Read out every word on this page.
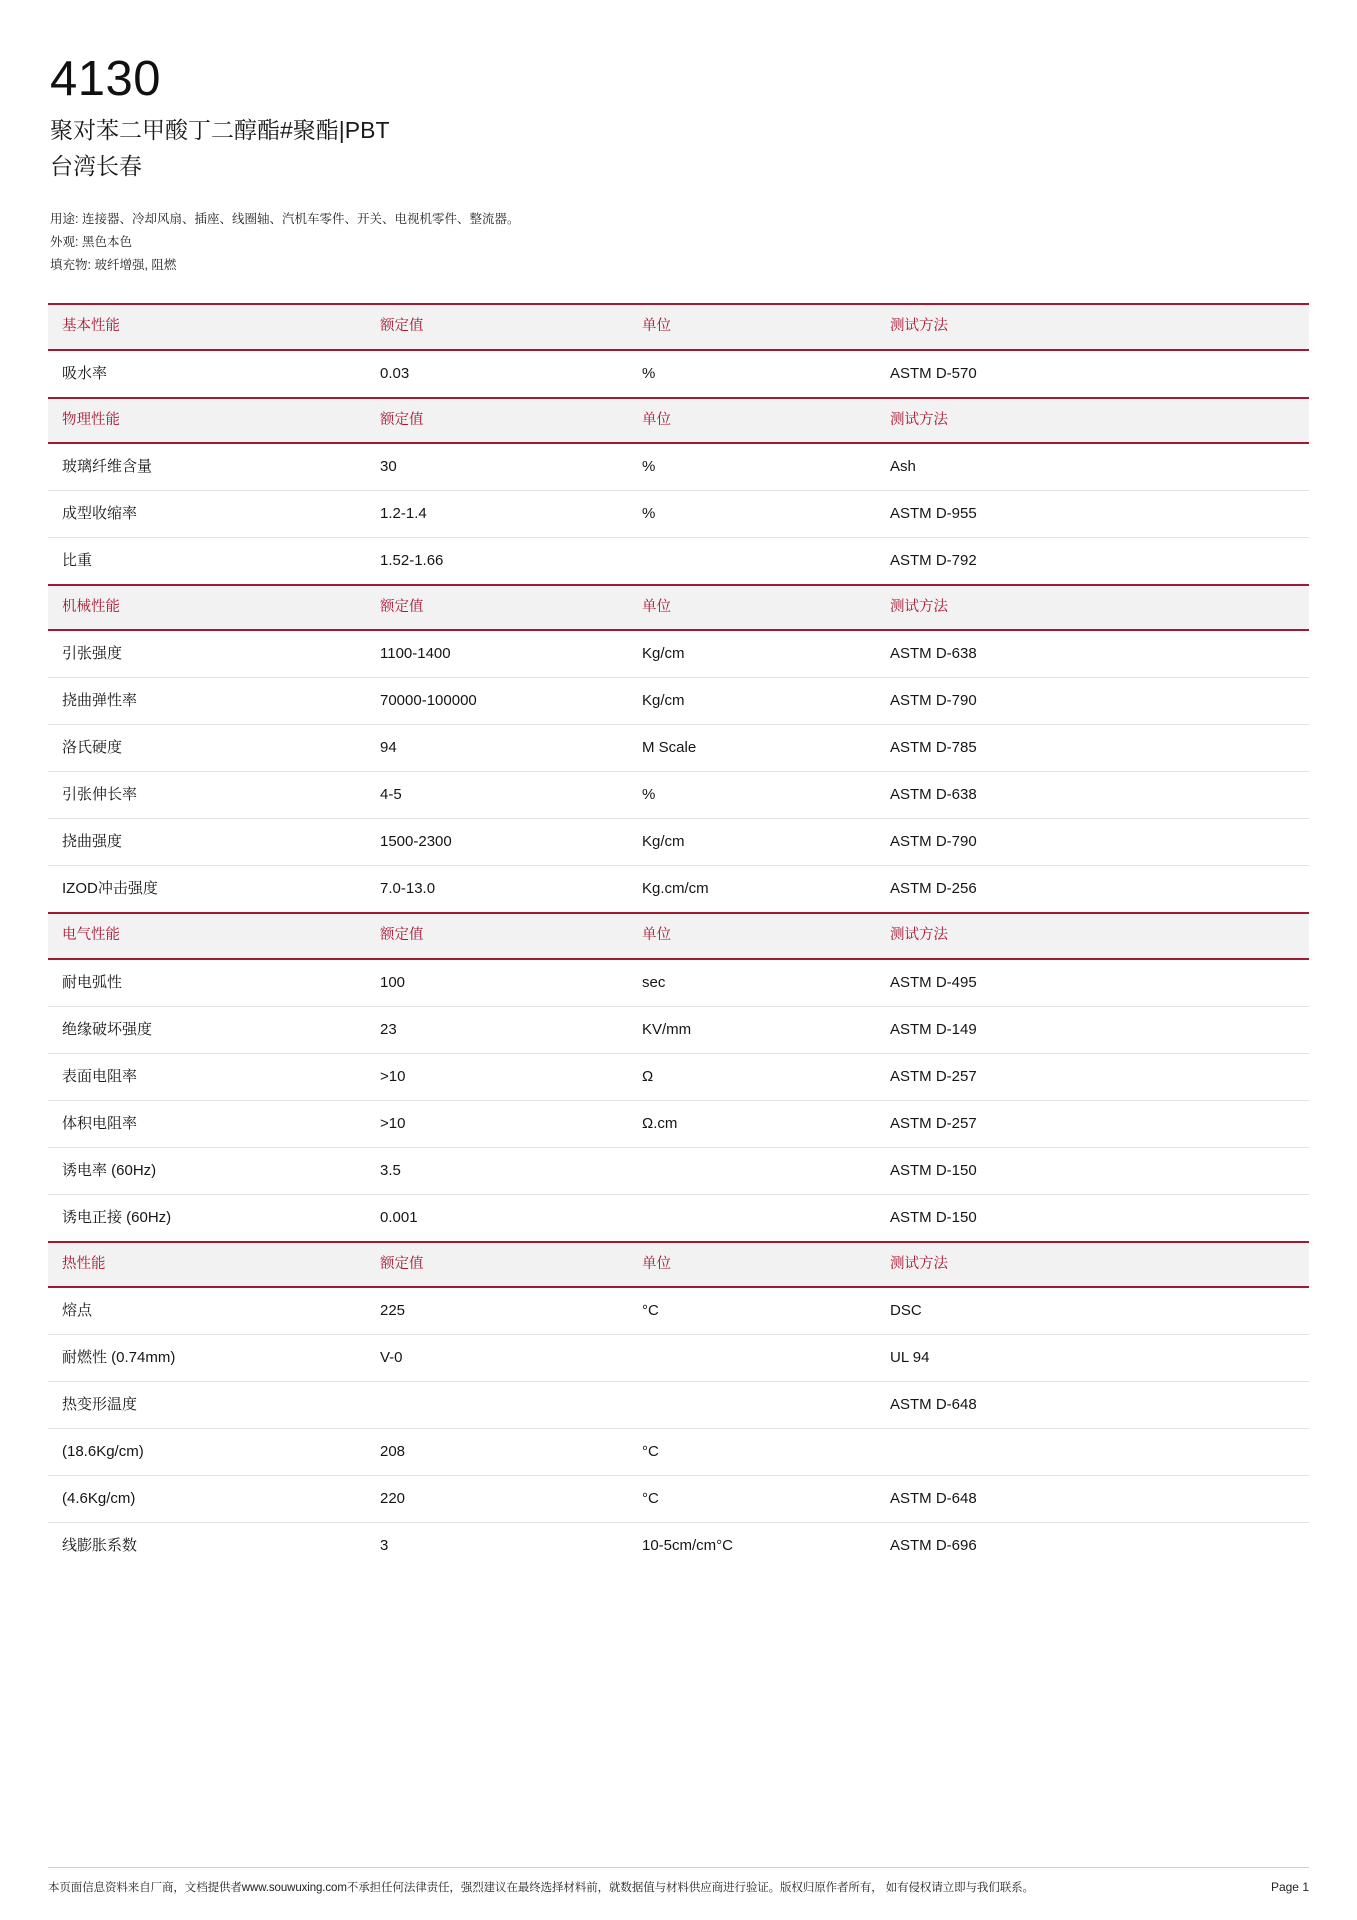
4130
聚对苯二甲酸丁二醇酯#聚酯|PBT
台湾长春
用途: 连接器、冷却风扇、插座、线圈轴、汽机车零件、开关、电视机零件、整流器。
外观: 黑色本色
填充物: 玻纤增强, 阻燃
基本性能	额定值	单位	测试方法
吸水率	0.03	%	ASTM D-570
物理性能	额定值	单位	测试方法
玻璃纤维含量	30	%	Ash
成型收缩率	1.2-1.4	%	ASTM D-955
比重	1.52-1.66		ASTM D-792
机械性能	额定值	单位	测试方法
引张强度	1100-1400	Kg/cm	ASTM D-638
挠曲弹性率	70000-100000	Kg/cm	ASTM D-790
洛氏硬度	94	M Scale	ASTM D-785
引张伸长率	4-5	%	ASTM D-638
挠曲强度	1500-2300	Kg/cm	ASTM D-790
IZOD冲击强度	7.0-13.0	Kg.cm/cm	ASTM D-256
电气性能	额定值	单位	测试方法
耐电弧性	100	sec	ASTM D-495
绝缘破坏强度	23	KV/mm	ASTM D-149
表面电阻率	>10	Ω	ASTM D-257
体积电阻率	>10	Ω.cm	ASTM D-257
诱电率 (60Hz)	3.5		ASTM D-150
诱电正接 (60Hz)	0.001		ASTM D-150
热性能	额定值	单位	测试方法
熔点	225	°C	DSC
耐燃性 (0.74mm)	V-0		UL 94
热变形温度			ASTM D-648
(18.6Kg/cm)	208	°C	
(4.6Kg/cm)	220	°C	ASTM D-648
线膨胀系数	3	10-5cm/cm°C	ASTM D-696
本页面信息资料来自厂商，文档提供者www.souwuxing.com不承担任何法律责任，强烈建议在最终选择材料前，就数据值与材料供应商进行验证。版权归原作者所有， 如有侵权请立即与我们联系。	Page 1
